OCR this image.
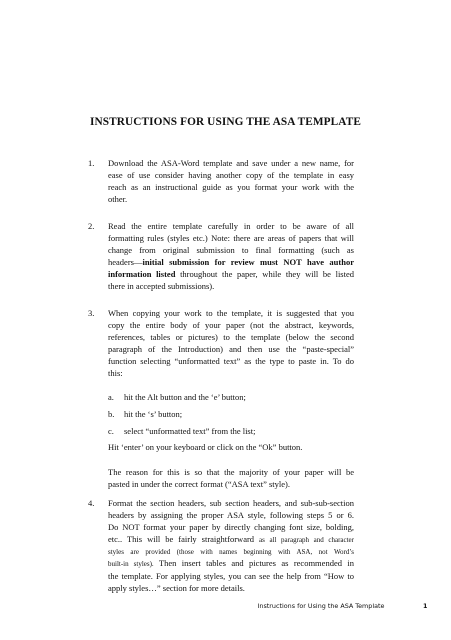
INSTRUCTIONS FOR USING THE ASA TEMPLATE
1. Download the ASA-Word template and save under a new name, for
ease of use consider having another copy of the template in easy
reach as an instructional guide as you format your work with the
other.
2. Read the entire template carefully in order to be aware of all
formatting rules (styles etc.) Note: there are areas of papers that will
change from original submission to final formatting (such as
headers—initial submission for review must NOT have author
information listed throughout the paper, while they will be listed
there in accepted submissions).
3. When copying your work to the template, it is suggested that you
copy the entire body of your paper (not the abstract, keywords,
references, tables or pictures) to the template (below the second
paragraph of the Introduction) and then use the “paste-special”
function selecting “unformatted text” as the type to paste in. To do
this:
a. hit the Alt button and the ‘e’ button;
b. hit the ‘s’ button;
c. select “unformatted text” from the list;
Hit ‘enter’ on your keyboard or click on the “Ok” button.
The reason for this is so that the majority of your paper will be
pasted in under the correct format (“ASA text” style).
4. Format the section headers, sub section headers, and sub-sub-section
headers by assigning the proper ASA style, following steps 5 or 6.
Do NOT format your paper by directly changing font size, bolding,
etc.. This will be fairly straightforward as all paragraph and character
styles are provided (those with names beginning with ASA, not Word’s
built-in styles). Then insert tables and pictures as recommended in
the template. For applying styles, you can see the help from “How to
apply styles…” section for more details.
Instructions for Using the ASA Template	1
